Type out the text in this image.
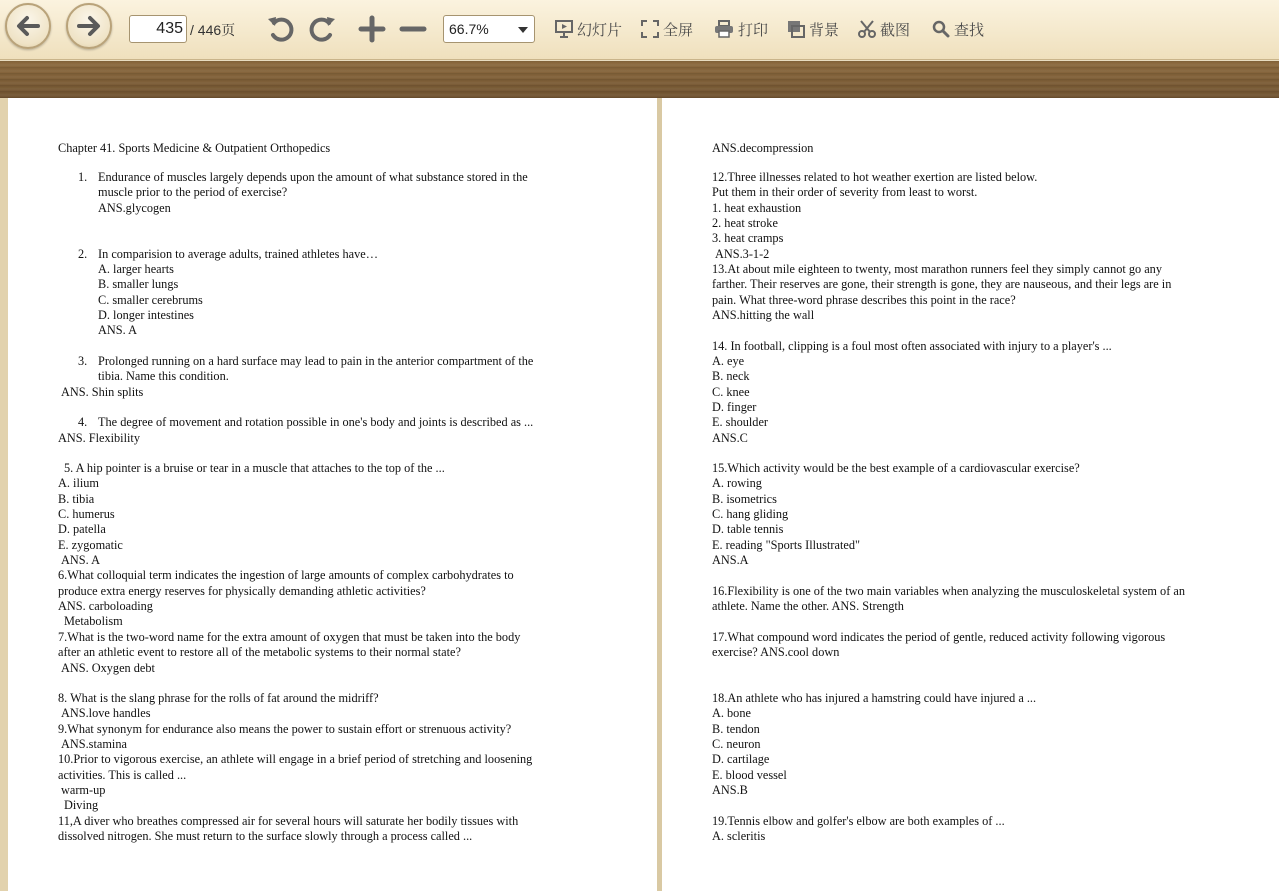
435 / 446页	66.7%	幻灯片	全屏	打印	背景	截图	查找
Chapter 41. Sports Medicine & Outpatient Orthopedics
1. Endurance of muscles largely depends upon the amount of what substance stored in the
muscle prior to the period of exercise?
ANS.glycogen
2. In comparision to average adults, trained athletes have…
A. larger hearts
B. smaller lungs
C. smaller cerebrums
D. longer intestines
ANS. A
3. Prolonged running on a hard surface may lead to pain in the anterior compartment of the
tibia. Name this condition.
ANS. Shin splits
4. The degree of movement and rotation possible in one's body and joints is described as ...
ANS. Flexibility
5. A hip pointer is a bruise or tear in a muscle that attaches to the top of the ...
A. ilium
B. tibia
C. humerus
D. patella
E. zygomatic
ANS. A
6.What colloquial term indicates the ingestion of large amounts of complex carbohydrates to
produce extra energy reserves for physically demanding athletic activities?
ANS. carboloading
Metabolism
7.What is the two-word name for the extra amount of oxygen that must be taken into the body
after an athletic event to restore all of the metabolic systems to their normal state?
ANS. Oxygen debt
8. What is the slang phrase for the rolls of fat around the midriff?
ANS.love handles
9.What synonym for endurance also means the power to sustain effort or strenuous activity?
ANS.stamina
10.Prior to vigorous exercise, an athlete will engage in a brief period of stretching and loosening
activities. This is called ...
warm-up
Diving
11,A diver who breathes compressed air for several hours will saturate her bodily tissues with
dissolved nitrogen. She must return to the surface slowly through a process called ...
ANS.decompression
12.Three illnesses related to hot weather exertion are listed below.
Put them in their order of severity from least to worst.
1. heat exhaustion
2. heat stroke
3. heat cramps
ANS.3-1-2
13.At about mile eighteen to twenty, most marathon runners feel they simply cannot go any
farther. Their reserves are gone, their strength is gone, they are nauseous, and their legs are in
pain. What three-word phrase describes this point in the race?
ANS.hitting the wall
14. In football, clipping is a foul most often associated with injury to a player's ...
A. eye
B. neck
C. knee
D. finger
E. shoulder
ANS.C
15.Which activity would be the best example of a cardiovascular exercise?
A. rowing
B. isometrics
C. hang gliding
D. table tennis
E. reading "Sports Illustrated"
ANS.A
16.Flexibility is one of the two main variables when analyzing the musculoskeletal system of an
athlete. Name the other. ANS. Strength
17.What compound word indicates the period of gentle, reduced activity following vigorous
exercise? ANS.cool down
18.An athlete who has injured a hamstring could have injured a ...
A. bone
B. tendon
C. neuron
D. cartilage
E. blood vessel
ANS.B
19.Tennis elbow and golfer's elbow are both examples of ...
A. scleritis
